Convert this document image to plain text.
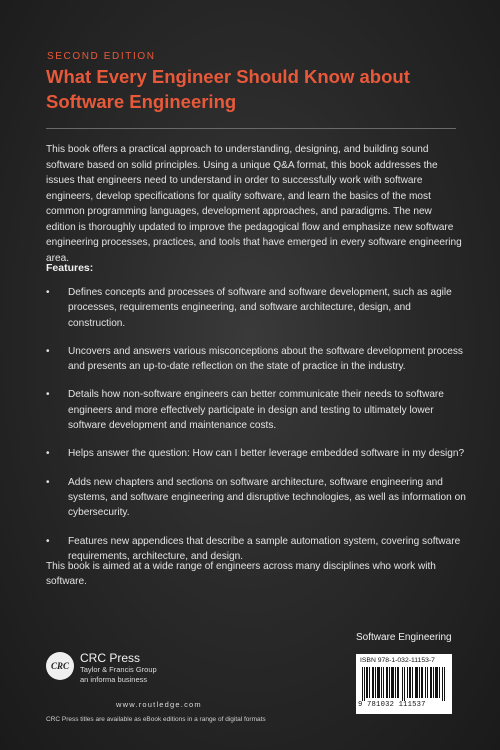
SECOND EDITION
What Every Engineer Should Know about Software Engineering
This book offers a practical approach to understanding, designing, and building sound software based on solid principles. Using a unique Q&A format, this book addresses the issues that engineers need to understand in order to successfully work with software engineers, develop specifications for quality software, and learn the basics of the most common programming languages, development approaches, and paradigms. The new edition is thoroughly updated to improve the pedagogical flow and emphasize new software engineering processes, practices, and tools that have emerged in every software engineering area.
Features:
•	Defines concepts and processes of software and software development, such as agile processes, requirements engineering, and software architecture, design, and construction.
•	Uncovers and answers various misconceptions about the software development process and presents an up-to-date reflection on the state of practice in the industry.
•	Details how non-software engineers can better communicate their needs to software engineers and more effectively participate in design and testing to ultimately lower software development and maintenance costs.
•	Helps answer the question: How can I better leverage embedded software in my design?
•	Adds new chapters and sections on software architecture, software engineering and systems, and software engineering and disruptive technologies, as well as information on cybersecurity.
•	Features new appendices that describe a sample automation system, covering software requirements, architecture, and design.
This book is aimed at a wide range of engineers across many disciplines who work with software.
Software Engineering
CRC
CRC Press
Taylor & Francis Group
an informa business
www.routledge.com
ISBN 978-1-032-11153-7
9 781032 111537
CRC Press titles are available as eBook editions in a range of digital formats
